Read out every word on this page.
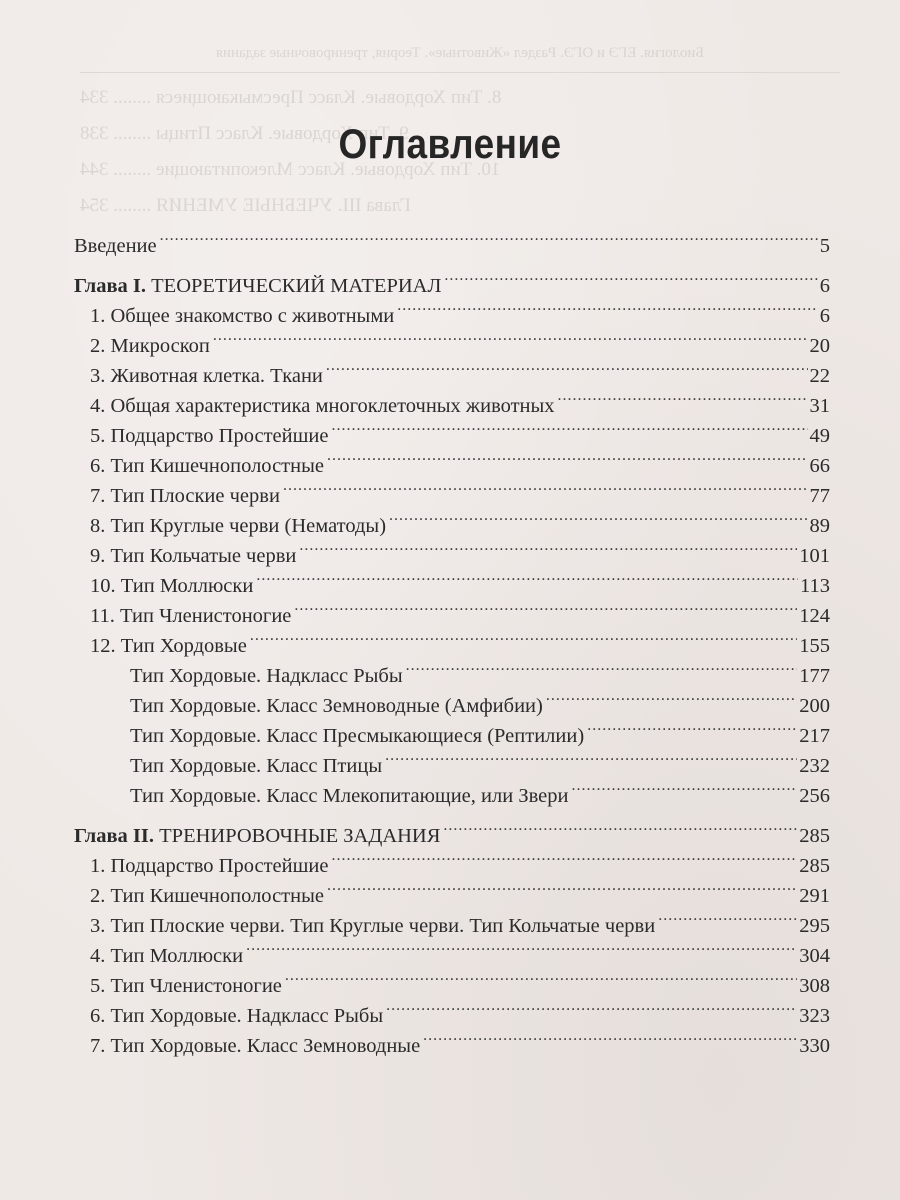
Биология. ЕГЭ и ОГЭ. Раздел «Животные». Теория, тренировочные задания
8. Тип Хордовые. Класс Пресмыкающиеся ........ 334
9. Тип Хордовые. Класс Птицы ........ 338
10. Тип Хордовые. Класс Млекопитающие ........ 344
Глава III. УЧЕБНЫЕ УМЕНИЯ ........ 354
Оглавление
Введение .....	5
Глава I. ТЕОРЕТИЧЕСКИЙ МАТЕРИАЛ .....	6
1. Общее знакомство с животными .....	6
2. Микроскоп .....	20
3. Животная клетка. Ткани .....	22
4. Общая характеристика многоклеточных животных .....	31
5. Подцарство Простейшие .....	49
6. Тип Кишечнополостные .....	66
7. Тип Плоские черви .....	77
8. Тип Круглые черви (Нематоды) .....	89
9. Тип Кольчатые черви .....	101
10. Тип Моллюски .....	113
11. Тип Членистоногие .....	124
12. Тип Хордовые .....	155
Тип Хордовые. Надкласс Рыбы .....	177
Тип Хордовые. Класс Земноводные (Амфибии) .....	200
Тип Хордовые. Класс Пресмыкающиеся (Рептилии) .....	217
Тип Хордовые. Класс Птицы .....	232
Тип Хордовые. Класс Млекопитающие, или Звери .....	256
Глава II. ТРЕНИРОВОЧНЫЕ ЗАДАНИЯ .....	285
1. Подцарство Простейшие .....	285
2. Тип Кишечнополостные .....	291
3. Тип Плоские черви. Тип Круглые черви. Тип Кольчатые черви .....	295
4. Тип Моллюски .....	304
5. Тип Членистоногие .....	308
6. Тип Хордовые. Надкласс Рыбы .....	323
7. Тип Хордовые. Класс Земноводные .....	330
